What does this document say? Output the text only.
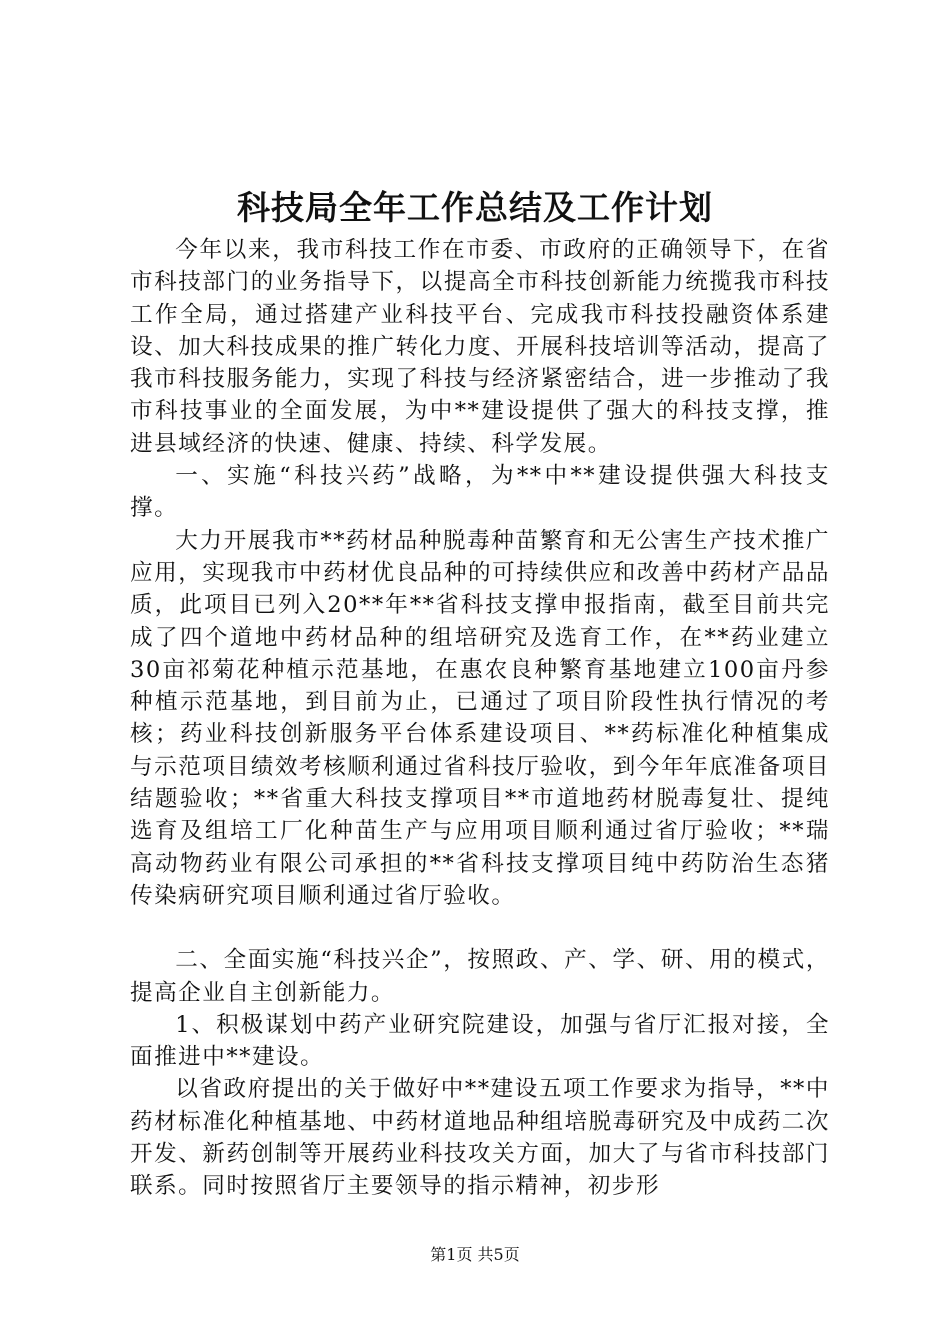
科技局全年工作总结及工作计划

今年以来，我市科技工作在市委、市政府的正确领导下，在省市科技部门的业务指导下，以提高全市科技创新能力统揽我市科技工作全局，通过搭建产业科技平台、完成我市科技投融资体系建设、加大科技成果的推广转化力度、开展科技培训等活动，提高了我市科技服务能力，实现了科技与经济紧密结合，进一步推动了我市科技事业的全面发展，为中**建设提供了强大的科技支撑，推进县域经济的快速、健康、持续、科学发展。

一、实施“科技兴药”战略，为**中**建设提供强大科技支撑。

大力开展我市**药材品种脱毒种苗繁育和无公害生产技术推广应用，实现我市中药材优良品种的可持续供应和改善中药材产品品质，此项目已列入20**年**省科技支撑申报指南，截至目前共完成了四个道地中药材品种的组培研究及选育工作，在**药业建立30亩祁菊花种植示范基地，在惠农良种繁育基地建立100亩丹参种植示范基地，到目前为止，已通过了项目阶段性执行情况的考核；药业科技创新服务平台体系建设项目、**药标准化种植集成与示范项目绩效考核顺利通过省科技厅验收，到今年年底准备项目结题验收；**省重大科技支撑项目**市道地药材脱毒复壮、提纯选育及组培工厂化种苗生产与应用项目顺利通过省厅验收；**瑞高动物药业有限公司承担的**省科技支撑项目纯中药防治生态猪传染病研究项目顺利通过省厅验收。

二、全面实施“科技兴企”，按照政、产、学、研、用的模式，提高企业自主创新能力。

1、积极谋划中药产业研究院建设，加强与省厅汇报对接，全面推进中**建设。

以省政府提出的关于做好中**建设五项工作要求为指导，**中药材标准化种植基地、中药材道地品种组培脱毒研究及中成药二次开发、新药创制等开展药业科技攻关方面，加大了与省市科技部门联系。同时按照省厅主要领导的指示精神，初步形

第1页 共5页
